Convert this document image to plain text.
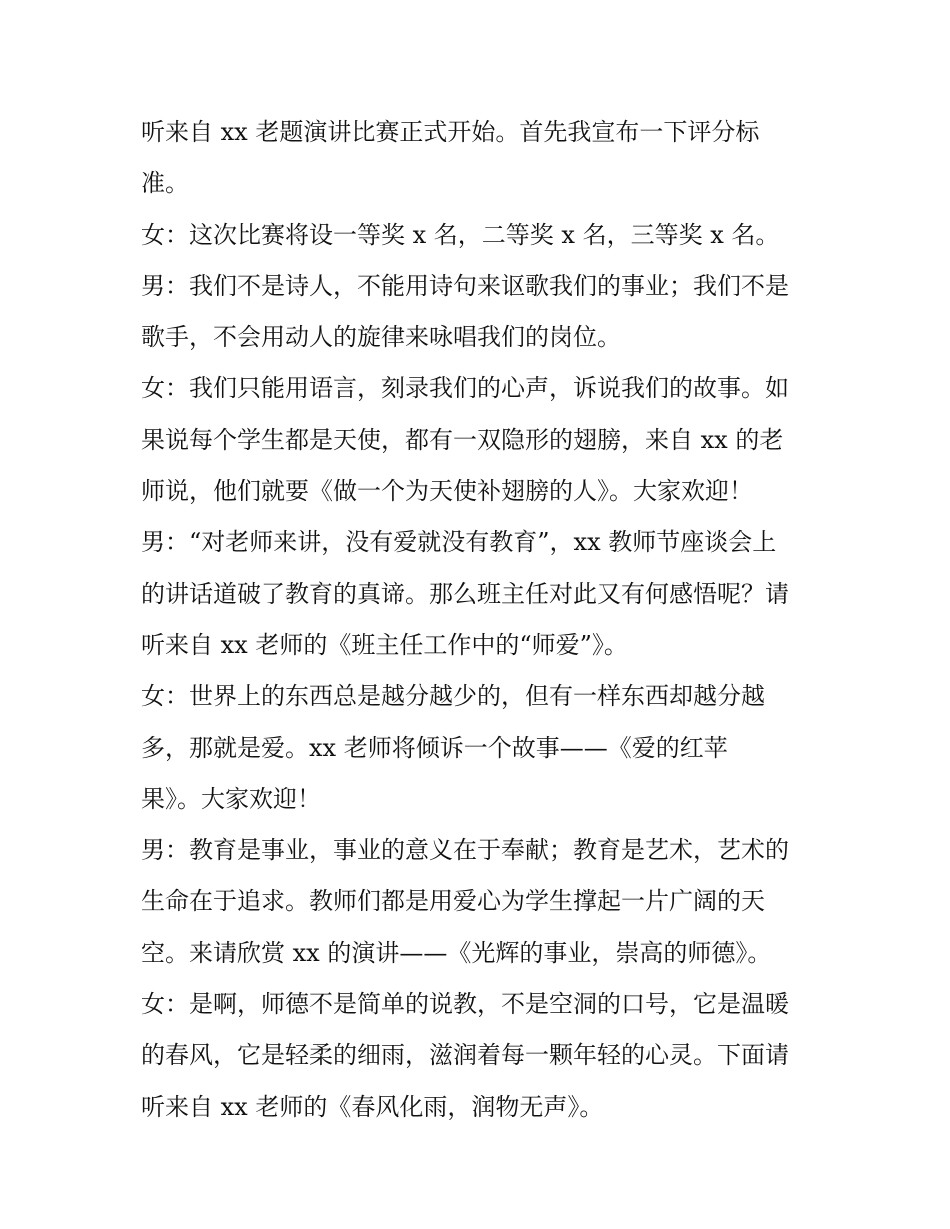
听来自 xx 老题演讲比赛正式开始。首先我宣布一下评分标
准。
女：这次比赛将设一等奖 x 名，二等奖 x 名，三等奖 x 名。
男：我们不是诗人，不能用诗句来讴歌我们的事业；我们不是
歌手，不会用动人的旋律来咏唱我们的岗位。
女：我们只能用语言，刻录我们的心声，诉说我们的故事。如
果说每个学生都是天使，都有一双隐形的翅膀，来自 xx 的老
师说，他们就要《做一个为天使补翅膀的人》。大家欢迎！
男：“对老师来讲，没有爱就没有教育”，xx 教师节座谈会上
的讲话道破了教育的真谛。那么班主任对此又有何感悟呢？请
听来自 xx 老师的《班主任工作中的“师爱”》。
女：世界上的东西总是越分越少的，但有一样东西却越分越
多，那就是爱。xx 老师将倾诉一个故事——《爱的红苹
果》。大家欢迎！
男：教育是事业，事业的意义在于奉献；教育是艺术，艺术的
生命在于追求。教师们都是用爱心为学生撑起一片广阔的天
空。来请欣赏 xx 的演讲——《光辉的事业，崇高的师德》。
女：是啊，师德不是简单的说教，不是空洞的口号，它是温暖
的春风，它是轻柔的细雨，滋润着每一颗年轻的心灵。下面请
听来自 xx 老师的《春风化雨，润物无声》。
